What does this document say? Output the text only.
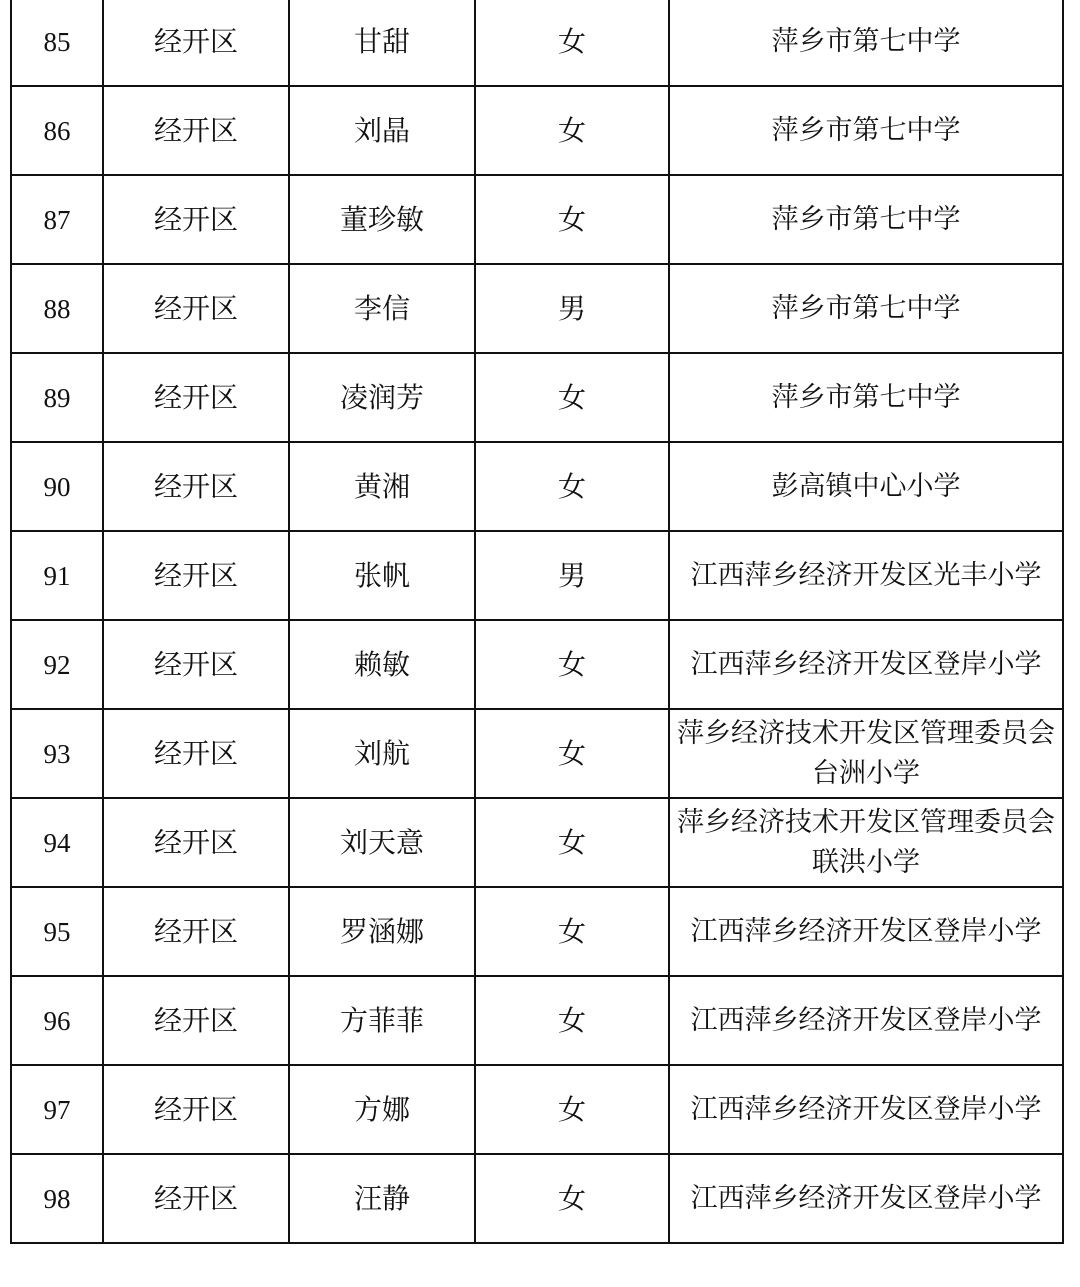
85	经开区	甘甜	女	萍乡市第七中学
86	经开区	刘晶	女	萍乡市第七中学
87	经开区	董珍敏	女	萍乡市第七中学
88	经开区	李信	男	萍乡市第七中学
89	经开区	凌润芳	女	萍乡市第七中学
90	经开区	黄湘	女	彭高镇中心小学
91	经开区	张帆	男	江西萍乡经济开发区光丰小学
92	经开区	赖敏	女	江西萍乡经济开发区登岸小学
93	经开区	刘航	女	萍乡经济技术开发区管理委员会台洲小学
94	经开区	刘天意	女	萍乡经济技术开发区管理委员会联洪小学
95	经开区	罗涵娜	女	江西萍乡经济开发区登岸小学
96	经开区	方菲菲	女	江西萍乡经济开发区登岸小学
97	经开区	方娜	女	江西萍乡经济开发区登岸小学
98	经开区	汪静	女	江西萍乡经济开发区登岸小学
